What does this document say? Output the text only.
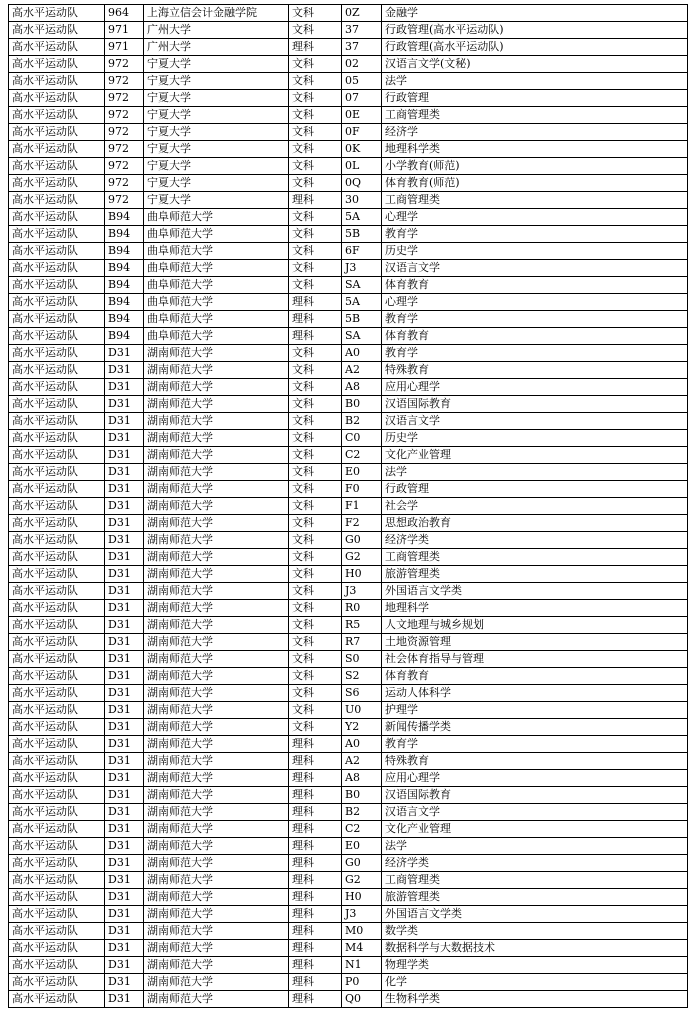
高水平运动队	964	上海立信会计金融学院	文科	0Z	金融学
高水平运动队	971	广州大学	文科	37	行政管理(高水平运动队)
高水平运动队	971	广州大学	理科	37	行政管理(高水平运动队)
高水平运动队	972	宁夏大学	文科	02	汉语言文学(文秘)
高水平运动队	972	宁夏大学	文科	05	法学
高水平运动队	972	宁夏大学	文科	07	行政管理
高水平运动队	972	宁夏大学	文科	0E	工商管理类
高水平运动队	972	宁夏大学	文科	0F	经济学
高水平运动队	972	宁夏大学	文科	0K	地理科学类
高水平运动队	972	宁夏大学	文科	0L	小学教育(师范)
高水平运动队	972	宁夏大学	文科	0Q	体育教育(师范)
高水平运动队	972	宁夏大学	理科	30	工商管理类
高水平运动队	B94	曲阜师范大学	文科	5A	心理学
高水平运动队	B94	曲阜师范大学	文科	5B	教育学
高水平运动队	B94	曲阜师范大学	文科	6F	历史学
高水平运动队	B94	曲阜师范大学	文科	J3	汉语言文学
高水平运动队	B94	曲阜师范大学	文科	SA	体育教育
高水平运动队	B94	曲阜师范大学	理科	5A	心理学
高水平运动队	B94	曲阜师范大学	理科	5B	教育学
高水平运动队	B94	曲阜师范大学	理科	SA	体育教育
高水平运动队	D31	湖南师范大学	文科	A0	教育学
高水平运动队	D31	湖南师范大学	文科	A2	特殊教育
高水平运动队	D31	湖南师范大学	文科	A8	应用心理学
高水平运动队	D31	湖南师范大学	文科	B0	汉语国际教育
高水平运动队	D31	湖南师范大学	文科	B2	汉语言文学
高水平运动队	D31	湖南师范大学	文科	C0	历史学
高水平运动队	D31	湖南师范大学	文科	C2	文化产业管理
高水平运动队	D31	湖南师范大学	文科	E0	法学
高水平运动队	D31	湖南师范大学	文科	F0	行政管理
高水平运动队	D31	湖南师范大学	文科	F1	社会学
高水平运动队	D31	湖南师范大学	文科	F2	思想政治教育
高水平运动队	D31	湖南师范大学	文科	G0	经济学类
高水平运动队	D31	湖南师范大学	文科	G2	工商管理类
高水平运动队	D31	湖南师范大学	文科	H0	旅游管理类
高水平运动队	D31	湖南师范大学	文科	J3	外国语言文学类
高水平运动队	D31	湖南师范大学	文科	R0	地理科学
高水平运动队	D31	湖南师范大学	文科	R5	人文地理与城乡规划
高水平运动队	D31	湖南师范大学	文科	R7	土地资源管理
高水平运动队	D31	湖南师范大学	文科	S0	社会体育指导与管理
高水平运动队	D31	湖南师范大学	文科	S2	体育教育
高水平运动队	D31	湖南师范大学	文科	S6	运动人体科学
高水平运动队	D31	湖南师范大学	文科	U0	护理学
高水平运动队	D31	湖南师范大学	文科	Y2	新闻传播学类
高水平运动队	D31	湖南师范大学	理科	A0	教育学
高水平运动队	D31	湖南师范大学	理科	A2	特殊教育
高水平运动队	D31	湖南师范大学	理科	A8	应用心理学
高水平运动队	D31	湖南师范大学	理科	B0	汉语国际教育
高水平运动队	D31	湖南师范大学	理科	B2	汉语言文学
高水平运动队	D31	湖南师范大学	理科	C2	文化产业管理
高水平运动队	D31	湖南师范大学	理科	E0	法学
高水平运动队	D31	湖南师范大学	理科	G0	经济学类
高水平运动队	D31	湖南师范大学	理科	G2	工商管理类
高水平运动队	D31	湖南师范大学	理科	H0	旅游管理类
高水平运动队	D31	湖南师范大学	理科	J3	外国语言文学类
高水平运动队	D31	湖南师范大学	理科	M0	数学类
高水平运动队	D31	湖南师范大学	理科	M4	数据科学与大数据技术
高水平运动队	D31	湖南师范大学	理科	N1	物理学类
高水平运动队	D31	湖南师范大学	理科	P0	化学
高水平运动队	D31	湖南师范大学	理科	Q0	生物科学类
